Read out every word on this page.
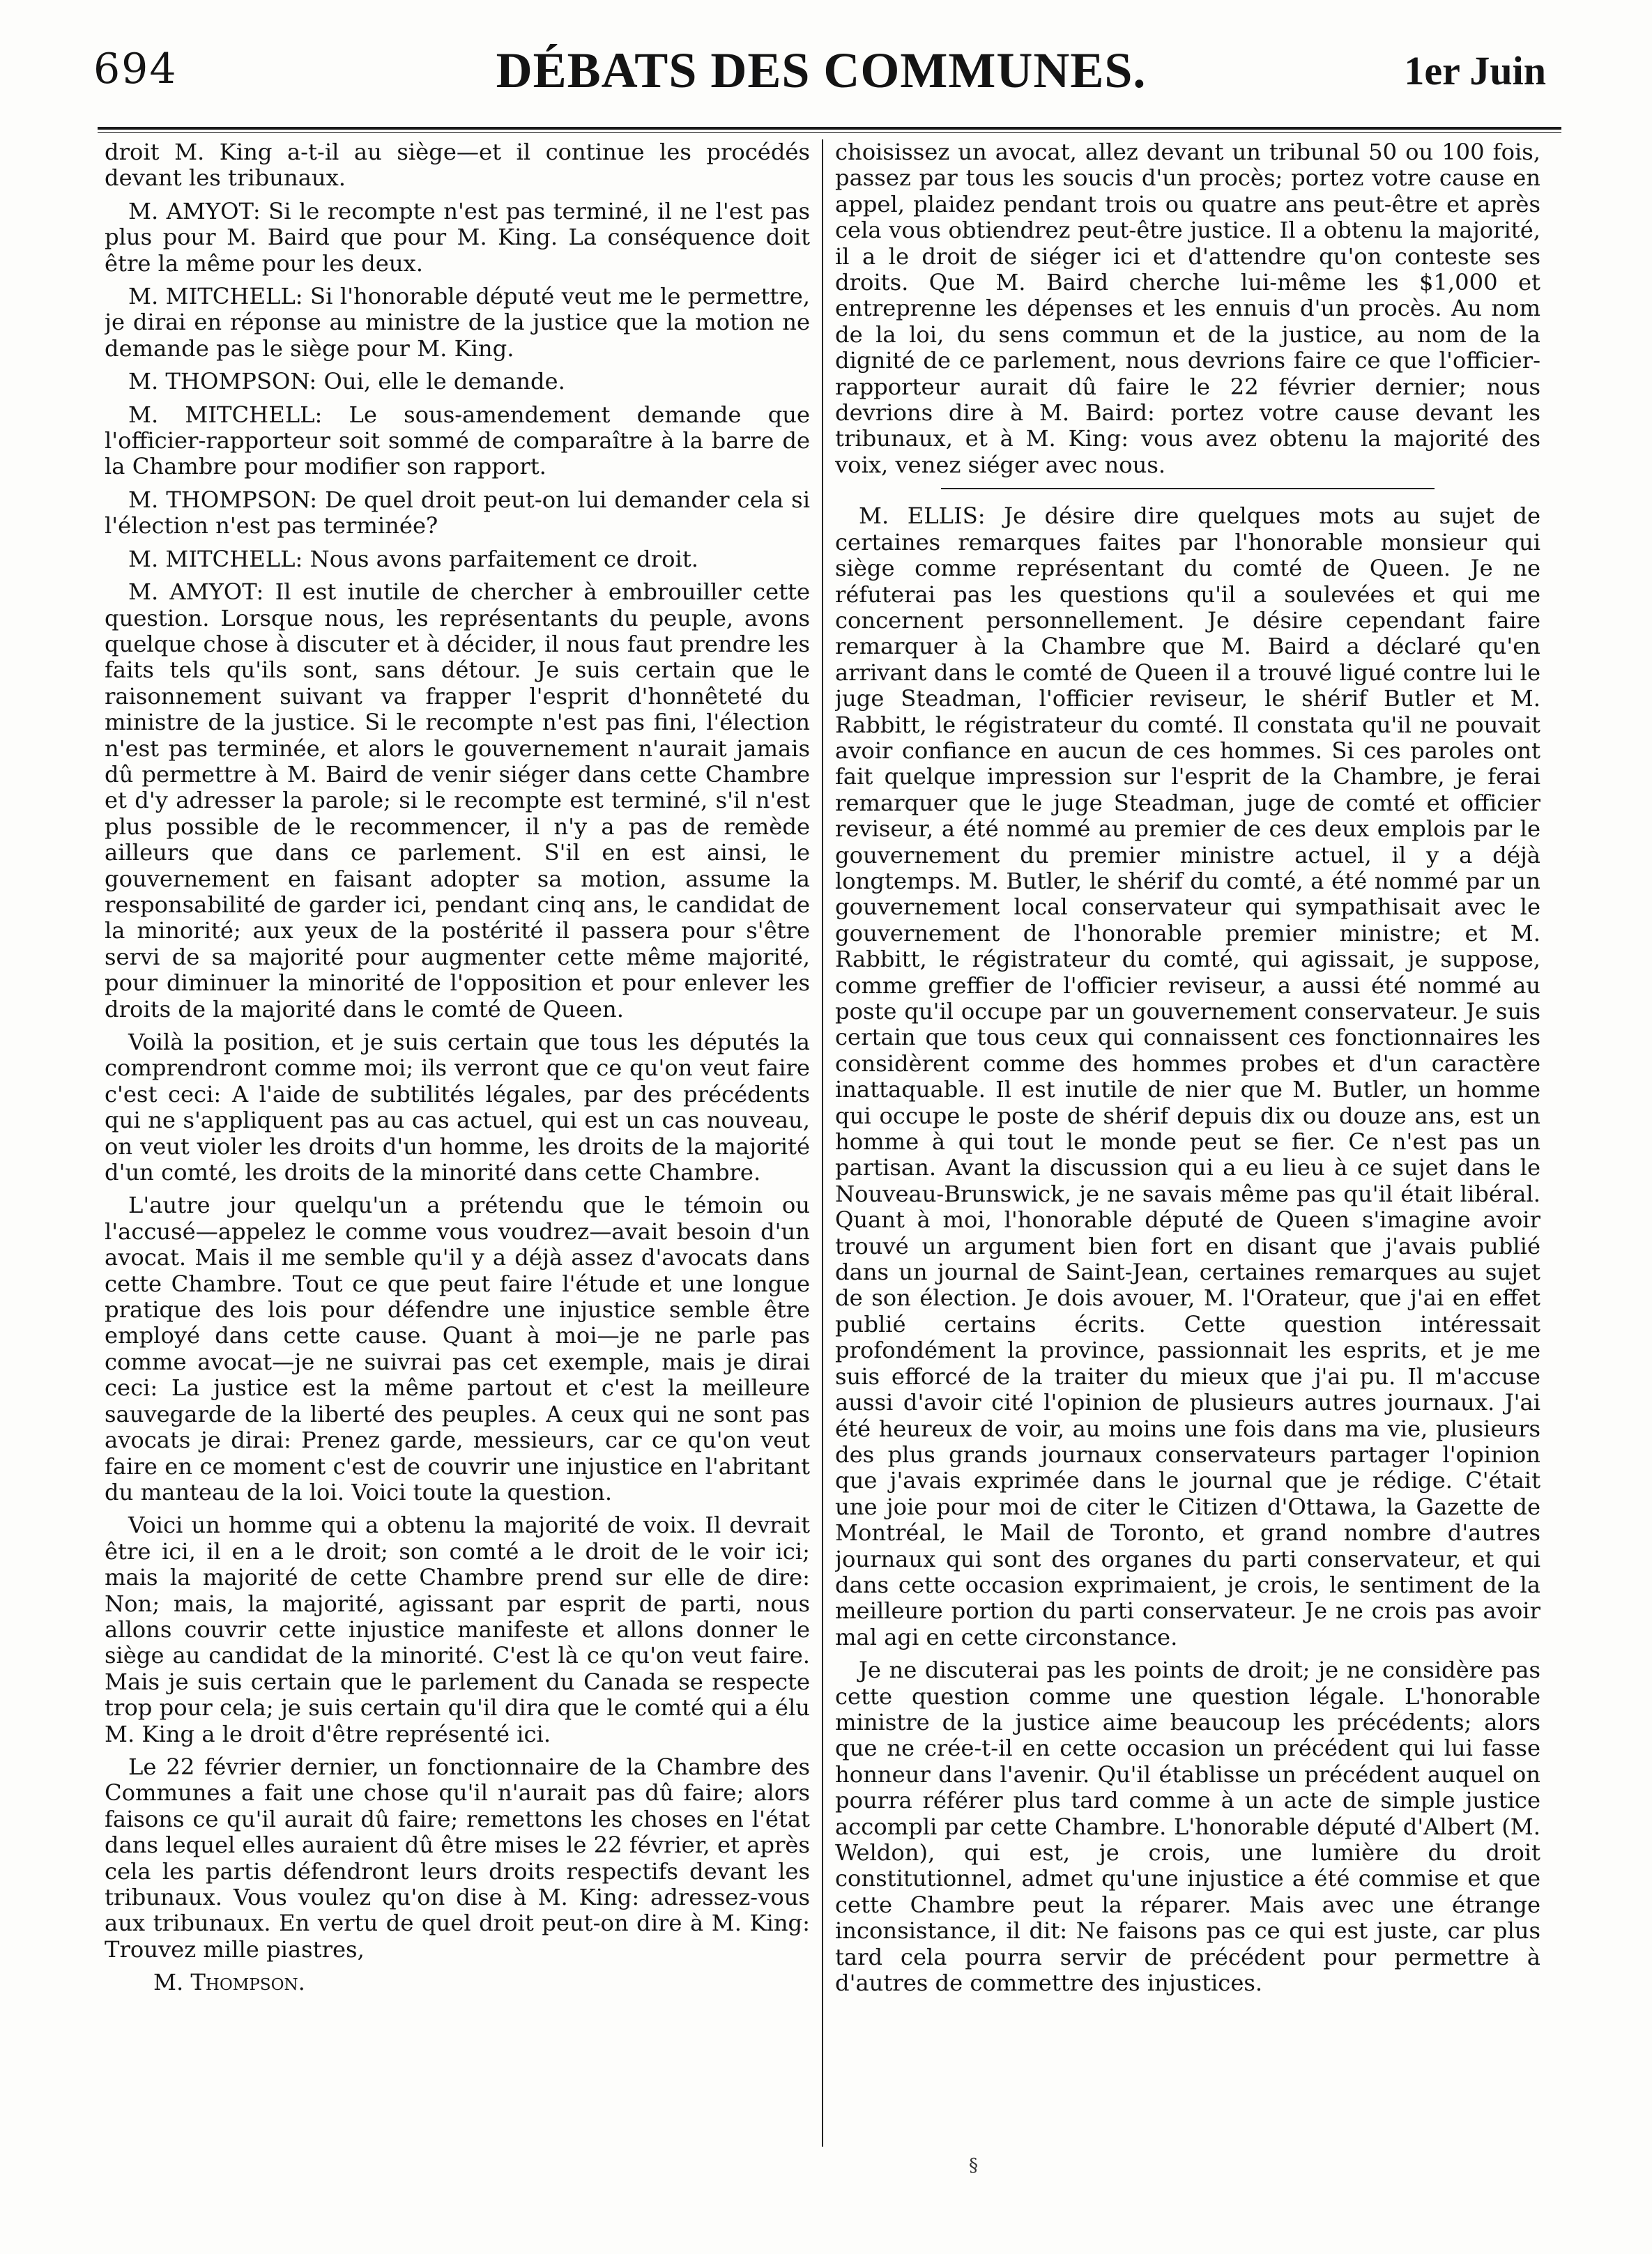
694	DÉBATS DES COMMUNES.	1er Juin

droit M. King a-t-il au siège—et il continue les procédés devant les tribunaux.

M. AMYOT: Si le recompte n'est pas terminé, il ne l'est pas plus pour M. Baird que pour M. King. La conséquence doit être la même pour les deux.

M. MITCHELL: Si l'honorable député veut me le permettre, je dirai en réponse au ministre de la justice que la motion ne demande pas le siège pour M. King.

M. THOMPSON: Oui, elle le demande.

M. MITCHELL: Le sous-amendement demande que l'officier-rapporteur soit sommé de comparaître à la barre de la Chambre pour modifier son rapport.

M. THOMPSON: De quel droit peut-on lui demander cela si l'élection n'est pas terminée?

M. MITCHELL: Nous avons parfaitement ce droit.

M. AMYOT: Il est inutile de chercher à embrouiller cette question. Lorsque nous, les représentants du peuple, avons quelque chose à discuter et à décider, il nous faut prendre les faits tels qu'ils sont, sans détour. Je suis certain que le raisonnement suivant va frapper l'esprit d'honnêteté du ministre de la justice. Si le recompte n'est pas fini, l'élection n'est pas terminée, et alors le gouvernement n'aurait jamais dû permettre à M. Baird de venir siéger dans cette Chambre et d'y adresser la parole; si le recompte est terminé, s'il n'est plus possible de le recommencer, il n'y a pas de remède ailleurs que dans ce parlement. S'il en est ainsi, le gouvernement en faisant adopter sa motion, assume la responsabilité de garder ici, pendant cinq ans, le candidat de la minorité; aux yeux de la postérité il passera pour s'être servi de sa majorité pour augmenter cette même majorité, pour diminuer la minorité de l'opposition et pour enlever les droits de la majorité dans le comté de Queen.

Voilà la position, et je suis certain que tous les députés la comprendront comme moi; ils verront que ce qu'on veut faire c'est ceci: A l'aide de subtilités légales, par des précédents qui ne s'appliquent pas au cas actuel, qui est un cas nouveau, on veut violer les droits d'un homme, les droits de la majorité d'un comté, les droits de la minorité dans cette Chambre.

L'autre jour quelqu'un a prétendu que le témoin ou l'accusé—appelez le comme vous voudrez—avait besoin d'un avocat. Mais il me semble qu'il y a déjà assez d'avocats dans cette Chambre. Tout ce que peut faire l'étude et une longue pratique des lois pour défendre une injustice semble être employé dans cette cause. Quant à moi—je ne parle pas comme avocat—je ne suivrai pas cet exemple, mais je dirai ceci: La justice est la même partout et c'est la meilleure sauvegarde de la liberté des peuples. A ceux qui ne sont pas avocats je dirai: Prenez garde, messieurs, car ce qu'on veut faire en ce moment c'est de couvrir une injustice en l'abritant du manteau de la loi. Voici toute la question.

Voici un homme qui a obtenu la majorité de voix. Il devrait être ici, il en a le droit; son comté a le droit de le voir ici; mais la majorité de cette Chambre prend sur elle de dire: Non; mais, la majorité, agissant par esprit de parti, nous allons couvrir cette injustice manifeste et allons donner le siège au candidat de la minorité. C'est là ce qu'on veut faire. Mais je suis certain que le parlement du Canada se respecte trop pour cela; je suis certain qu'il dira que le comté qui a élu M. King a le droit d'être représenté ici.

Le 22 février dernier, un fonctionnaire de la Chambre des Communes a fait une chose qu'il n'aurait pas dû faire; alors faisons ce qu'il aurait dû faire; remettons les choses en l'état dans lequel elles auraient dû être mises le 22 février, et après cela les partis défendront leurs droits respectifs devant les tribunaux. Vous voulez qu'on dise à M. King: adressez-vous aux tribunaux. En vertu de quel droit peut-on dire à M. King: Trouvez mille piastres,

M. Thompson.

choisissez un avocat, allez devant un tribunal 50 ou 100 fois, passez par tous les soucis d'un procès; portez votre cause en appel, plaidez pendant trois ou quatre ans peut-être et après cela vous obtiendrez peut-être justice. Il a obtenu la majorité, il a le droit de siéger ici et d'attendre qu'on conteste ses droits. Que M. Baird cherche lui-même les $1,000 et entreprenne les dépenses et les ennuis d'un procès. Au nom de la loi, du sens commun et de la justice, au nom de la dignité de ce parlement, nous devrions faire ce que l'officier-rapporteur aurait dû faire le 22 février dernier; nous devrions dire à M. Baird: portez votre cause devant les tribunaux, et à M. King: vous avez obtenu la majorité des voix, venez siéger avec nous.

M. ELLIS: Je désire dire quelques mots au sujet de certaines remarques faites par l'honorable monsieur qui siège comme représentant du comté de Queen. Je ne réfuterai pas les questions qu'il a soulevées et qui me concernent personnellement. Je désire cependant faire remarquer à la Chambre que M. Baird a déclaré qu'en arrivant dans le comté de Queen il a trouvé ligué contre lui le juge Steadman, l'officier reviseur, le shérif Butler et M. Rabbitt, le régistrateur du comté. Il constata qu'il ne pouvait avoir confiance en aucun de ces hommes. Si ces paroles ont fait quelque impression sur l'esprit de la Chambre, je ferai remarquer que le juge Steadman, juge de comté et officier reviseur, a été nommé au premier de ces deux emplois par le gouvernement du premier ministre actuel, il y a déjà longtemps. M. Butler, le shérif du comté, a été nommé par un gouvernement local conservateur qui sympathisait avec le gouvernement de l'honorable premier ministre; et M. Rabbitt, le régistrateur du comté, qui agissait, je suppose, comme greffier de l'officier reviseur, a aussi été nommé au poste qu'il occupe par un gouvernement conservateur. Je suis certain que tous ceux qui connaissent ces fonctionnaires les considèrent comme des hommes probes et d'un caractère inattaquable. Il est inutile de nier que M. Butler, un homme qui occupe le poste de shérif depuis dix ou douze ans, est un homme à qui tout le monde peut se fier. Ce n'est pas un partisan. Avant la discussion qui a eu lieu à ce sujet dans le Nouveau-Brunswick, je ne savais même pas qu'il était libéral. Quant à moi, l'honorable député de Queen s'imagine avoir trouvé un argument bien fort en disant que j'avais publié dans un journal de Saint-Jean, certaines remarques au sujet de son élection. Je dois avouer, M. l'Orateur, que j'ai en effet publié certains écrits. Cette question intéressait profondément la province, passionnait les esprits, et je me suis efforcé de la traiter du mieux que j'ai pu. Il m'accuse aussi d'avoir cité l'opinion de plusieurs autres journaux. J'ai été heureux de voir, au moins une fois dans ma vie, plusieurs des plus grands journaux conservateurs partager l'opinion que j'avais exprimée dans le journal que je rédige. C'était une joie pour moi de citer le Citizen d'Ottawa, la Gazette de Montréal, le Mail de Toronto, et grand nombre d'autres journaux qui sont des organes du parti conservateur, et qui dans cette occasion exprimaient, je crois, le sentiment de la meilleure portion du parti conservateur. Je ne crois pas avoir mal agi en cette circonstance.

Je ne discuterai pas les points de droit; je ne considère pas cette question comme une question légale. L'honorable ministre de la justice aime beaucoup les précédents; alors que ne crée-t-il en cette occasion un précédent qui lui fasse honneur dans l'avenir. Qu'il établisse un précédent auquel on pourra référer plus tard comme à un acte de simple justice accompli par cette Chambre. L'honorable député d'Albert (M. Weldon), qui est, je crois, une lumière du droit constitutionnel, admet qu'une injustice a été commise et que cette Chambre peut la réparer. Mais avec une étrange inconsistance, il dit: Ne faisons pas ce qui est juste, car plus tard cela pourra servir de précédent pour permettre à d'autres de commettre des injustices.

§
